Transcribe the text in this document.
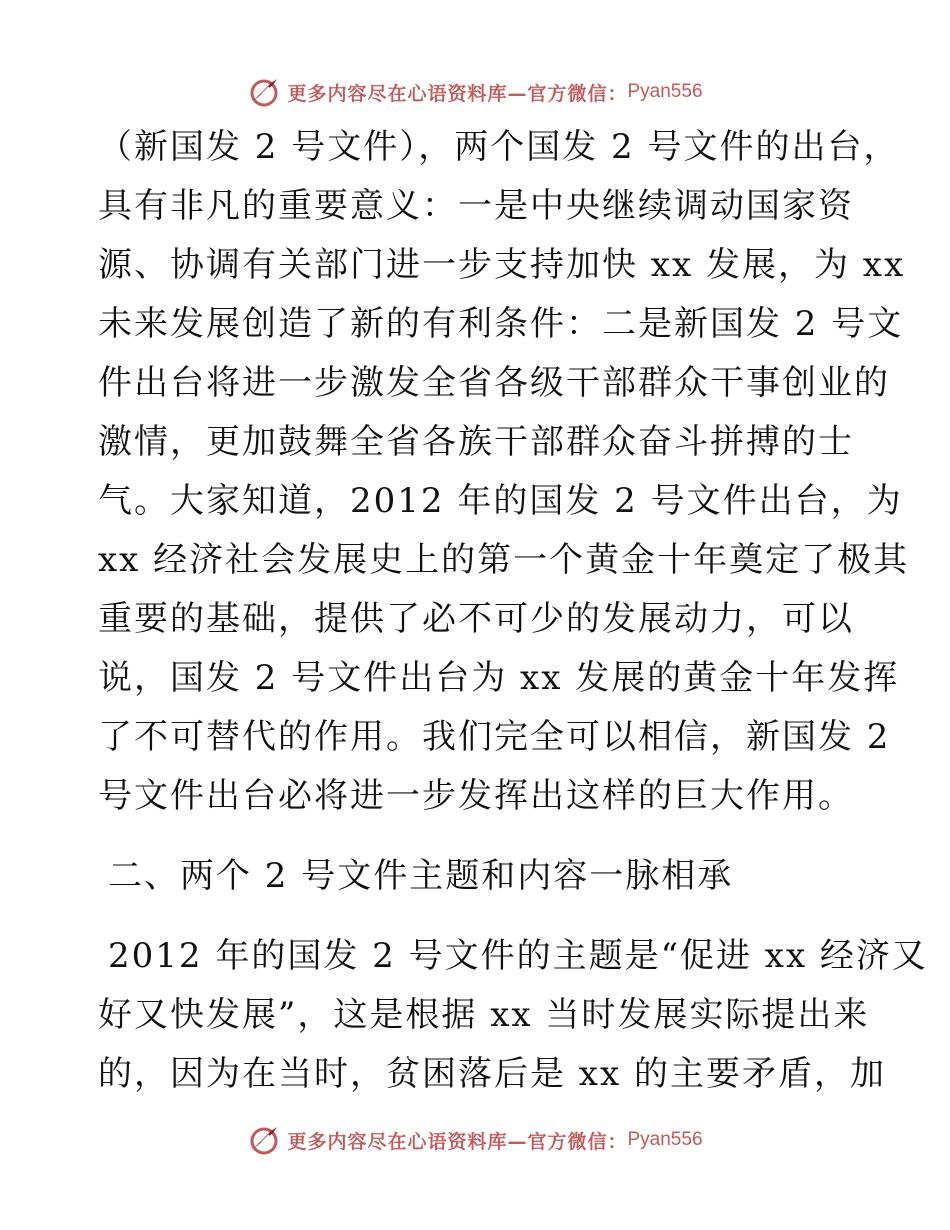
更多内容尽在心语资料库—官方微信： Pyan556
（新国发 2 号文件），两个国发 2 号文件的出台，
具有非凡的重要意义：一是中央继续调动国家资
源、协调有关部门进一步支持加快 xx 发展，为 xx
未来发展创造了新的有利条件：二是新国发 2 号文
件出台将进一步激发全省各级干部群众干事创业的
激情，更加鼓舞全省各族干部群众奋斗拼搏的士
气。大家知道，2012 年的国发 2 号文件出台，为
xx 经济社会发展史上的第一个黄金十年奠定了极其
重要的基础，提供了必不可少的发展动力，可以
说，国发 2 号文件出台为 xx 发展的黄金十年发挥
了不可替代的作用。我们完全可以相信，新国发 2
号文件出台必将进一步发挥出这样的巨大作用。
二、两个 2 号文件主题和内容一脉相承
2012 年的国发 2 号文件的主题是“促进 xx 经济又
好又快发展”，这是根据 xx 当时发展实际提出来
的，因为在当时，贫困落后是 xx 的主要矛盾，加
更多内容尽在心语资料库—官方微信： Pyan556
